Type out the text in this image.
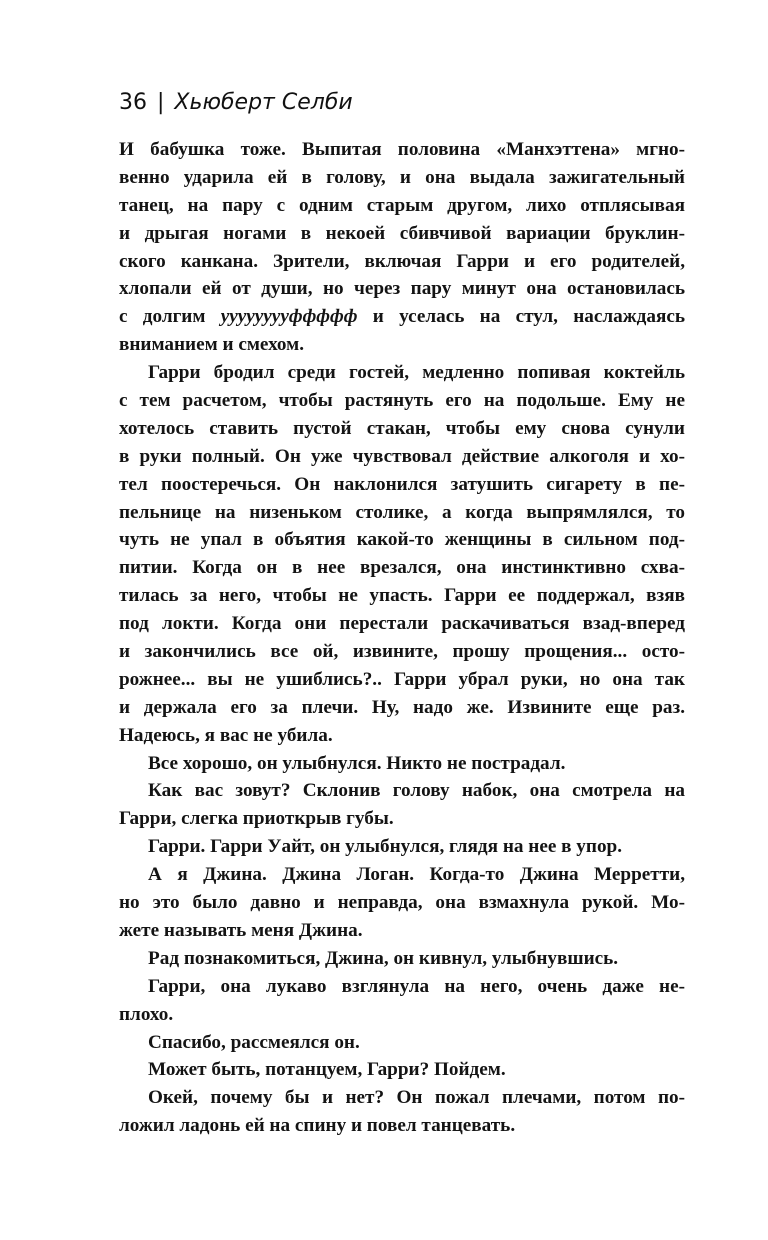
36 | Хьюберт Селби
И бабушка тоже. Выпитая половина «Манхэттена» мгно-
венно ударила ей в голову, и она выдала зажигательный
танец, на пару с одним старым другом, лихо отплясывая
и дрыгая ногами в некоей сбивчивой вариации бруклин-
ского канкана. Зрители, включая Гарри и его родителей,
хлопали ей от души, но через пару минут она остановилась
с долгим ууууууууффффф и уселась на стул, наслаждаясь
вниманием и смехом.
Гарри бродил среди гостей, медленно попивая коктейль
с тем расчетом, чтобы растянуть его на подольше. Ему не
хотелось ставить пустой стакан, чтобы ему снова сунули
в руки полный. Он уже чувствовал действие алкоголя и хо-
тел поостеречься. Он наклонился затушить сигарету в пе-
пельнице на низеньком столике, а когда выпрямлялся, то
чуть не упал в объятия какой-то женщины в сильном под-
питии. Когда он в нее врезался, она инстинктивно схва-
тилась за него, чтобы не упасть. Гарри ее поддержал, взяв
под локти. Когда они перестали раскачиваться взад-вперед
и закончились все ой, извините, прошу прощения... осто-
рожнее... вы не ушиблись?.. Гарри убрал руки, но она так
и держала его за плечи. Ну, надо же. Извините еще раз.
Надеюсь, я вас не убила.
Все хорошо, он улыбнулся. Никто не пострадал.
Как вас зовут? Склонив голову набок, она смотрела на
Гарри, слегка приоткрыв губы.
Гарри. Гарри Уайт, он улыбнулся, глядя на нее в упор.
А я Джина. Джина Логан. Когда-то Джина Мерретти,
но это было давно и неправда, она взмахнула рукой. Мо-
жете называть меня Джина.
Рад познакомиться, Джина, он кивнул, улыбнувшись.
Гарри, она лукаво взглянула на него, очень даже не-
плохо.
Спасибо, рассмеялся он.
Может быть, потанцуем, Гарри? Пойдем.
Окей, почему бы и нет? Он пожал плечами, потом по-
ложил ладонь ей на спину и повел танцевать.
